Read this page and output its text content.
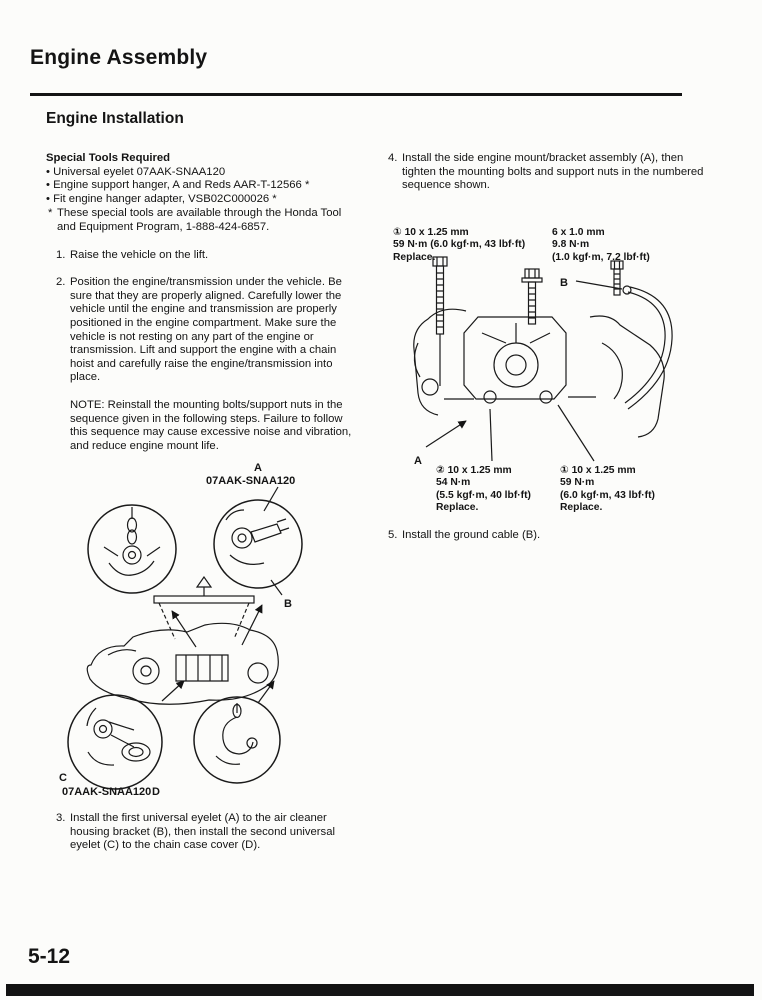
Engine Assembly
Engine Installation
Special Tools Required
• Universal eyelet 07AAK-SNAA120
• Engine support hanger, A and Reds AAR-T-12566 *
• Fit engine hanger adapter, VSB02C000026 *
* These special tools are available through the Honda Tool and Equipment Program, 1-888-424-6857.
1. Raise the vehicle on the lift.
2. Position the engine/transmission under the vehicle. Be sure that they are properly aligned. Carefully lower the vehicle until the engine and transmission are properly positioned in the engine compartment. Make sure the vehicle is not resting on any part of the engine or transmission. Lift and support the engine with a chain hoist and carefully raise the engine/transmission into place.
NOTE: Reinstall the mounting bolts/support nuts in the sequence given in the following steps. Failure to follow this sequence may cause excessive noise and vibration, and reduce engine mount life.
A
07AAK-SNAA120
B
C
07AAK-SNAA120 D
3. Install the first universal eyelet (A) to the air cleaner housing bracket (B), then install the second universal eyelet (C) to the chain case cover (D).
4. Install the side engine mount/bracket assembly (A), then tighten the mounting bolts and support nuts in the numbered sequence shown.
① 10 x 1.25 mm
59 N·m (6.0 kgf·m, 43 lbf·ft)
Replace.
6 x 1.0 mm
9.8 N·m
(1.0 kgf·m, 7.2 lbf·ft)
B
A
② 10 x 1.25 mm
54 N·m
(5.5 kgf·m, 40 lbf·ft)
Replace.
① 10 x 1.25 mm
59 N·m
(6.0 kgf·m, 43 lbf·ft)
Replace.
5. Install the ground cable (B).
5-12
